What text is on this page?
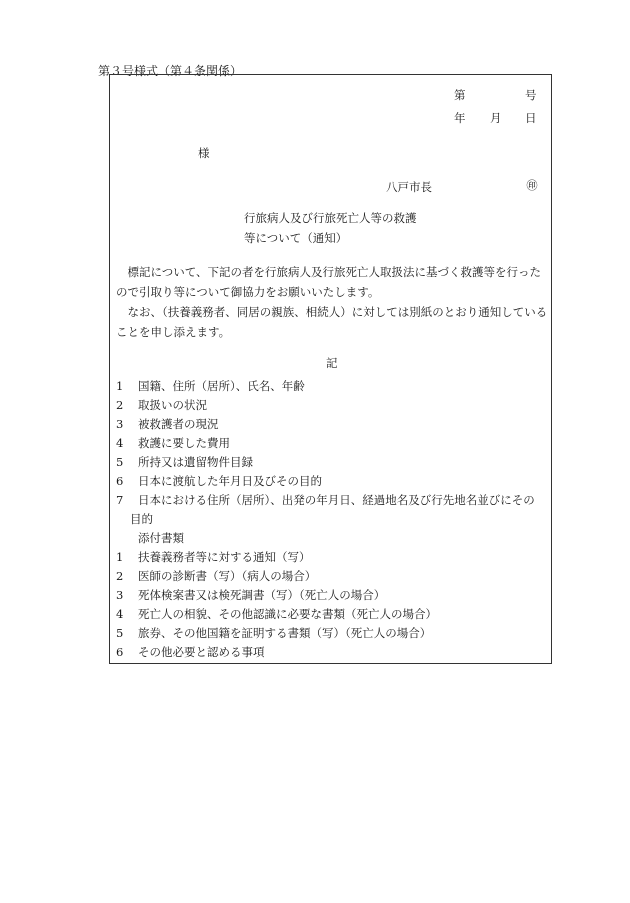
第３号様式（第４条関係）
第	号
年 月 日
様
八戸市長	㊞
行旅病人及び行旅死亡人等の救護
等について（通知）
　標記について、下記の者を行旅病人及行旅死亡人取扱法に基づく救護等を行ったので引取り等について御協力をお願いいたします。
　なお、（扶養義務者、同居の親族、相続人）に対しては別紙のとおり通知していることを申し添えます。
記
1 国籍、住所（居所）、氏名、年齢
2 取扱いの状況
3 被救護者の現況
4 救護に要した費用
5 所持又は遺留物件目録
6 日本に渡航した年月日及びその目的
7 日本における住所（居所）、出発の年月日、経過地名及び行先地名並びにその
目的
添付書類
1 扶養義務者等に対する通知（写）
2 医師の診断書（写）（病人の場合）
3 死体検案書又は検死調書（写）（死亡人の場合）
4 死亡人の相貌、その他認識に必要な書類（死亡人の場合）
5 旅券、その他国籍を証明する書類（写）（死亡人の場合）
6 その他必要と認める事項
